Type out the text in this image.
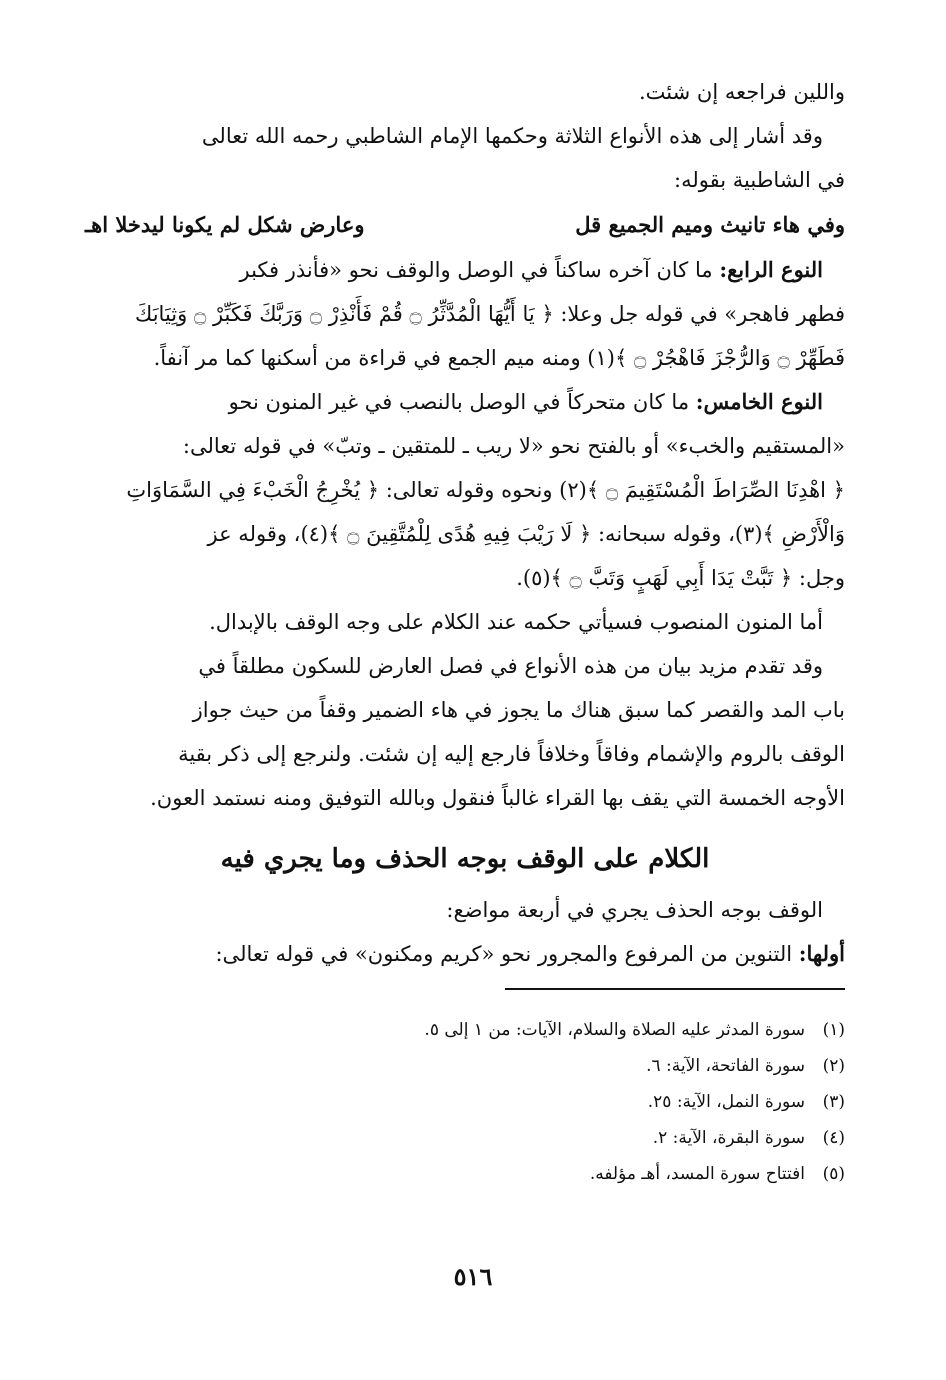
واللين فراجعه إن شئت.

وقد أشار إلى هذه الأنواع الثلاثة وحكمها الإمام الشاطبي رحمه الله تعالى

في الشاطبية بقوله:

وفي هاء تانيث وميم الجميع قل
وعارض شكل لم يكونا ليدخلا اهـ

النوع الرابع: ما كان آخره ساكناً في الوصل والوقف نحو «فأنذر فكبر

فطهر فاهجر» في قوله جل وعلا: ﴿ يَا أَيُّهَا الْمُدَّثِّرُ ۝ قُمْ فَأَنْذِرْ ۝ وَرَبَّكَ فَكَبِّرْ ۝ وَثِيَابَكَ

فَطَهِّرْ ۝ وَالرُّجْزَ فَاهْجُرْ ۝ ﴾(١) ومنه ميم الجمع في قراءة من أسكنها كما مر آنفاً.

النوع الخامس: ما كان متحركاً في الوصل بالنصب في غير المنون نحو

«المستقيم والخبء» أو بالفتح نحو «لا ريب ـ للمتقين ـ وتبّ» في قوله تعالى:

﴿ اهْدِنَا الصِّرَاطَ الْمُسْتَقِيمَ ۝ ﴾(٢) ونحوه وقوله تعالى: ﴿ يُخْرِجُ الْخَبْءَ فِي السَّمَاوَاتِ

وَالْأَرْضِ ﴾(٣)، وقوله سبحانه: ﴿ لَا رَيْبَ فِيهِ هُدًى لِلْمُتَّقِينَ ۝ ﴾(٤)، وقوله عز

وجل: ﴿ تَبَّتْ يَدَا أَبِي لَهَبٍ وَتَبَّ ۝ ﴾(٥).

أما المنون المنصوب فسيأتي حكمه عند الكلام على وجه الوقف بالإبدال.

وقد تقدم مزيد بيان من هذه الأنواع في فصل العارض للسكون مطلقاً في

باب المد والقصر كما سبق هناك ما يجوز في هاء الضمير وقفاً من حيث جواز

الوقف بالروم والإشمام وفاقاً وخلافاً فارجع إليه إن شئت. ولنرجع إلى ذكر بقية

الأوجه الخمسة التي يقف بها القراء غالباً فنقول وبالله التوفيق ومنه نستمد العون.

الكلام على الوقف بوجه الحذف وما يجري فيه

الوقف بوجه الحذف يجري في أربعة مواضع:

أولها: التنوين من المرفوع والمجرور نحو «كريم ومكنون» في قوله تعالى:

(١)
سورة المدثر عليه الصلاة والسلام، الآيات: من ١ إلى ٥.
(٢)
سورة الفاتحة، الآية: ٦.
(٣)
سورة النمل، الآية: ٢٥.
(٤)
سورة البقرة، الآية: ٢.
(٥)
افتتاح سورة المسد، أهـ مؤلفه.
٥١٦
